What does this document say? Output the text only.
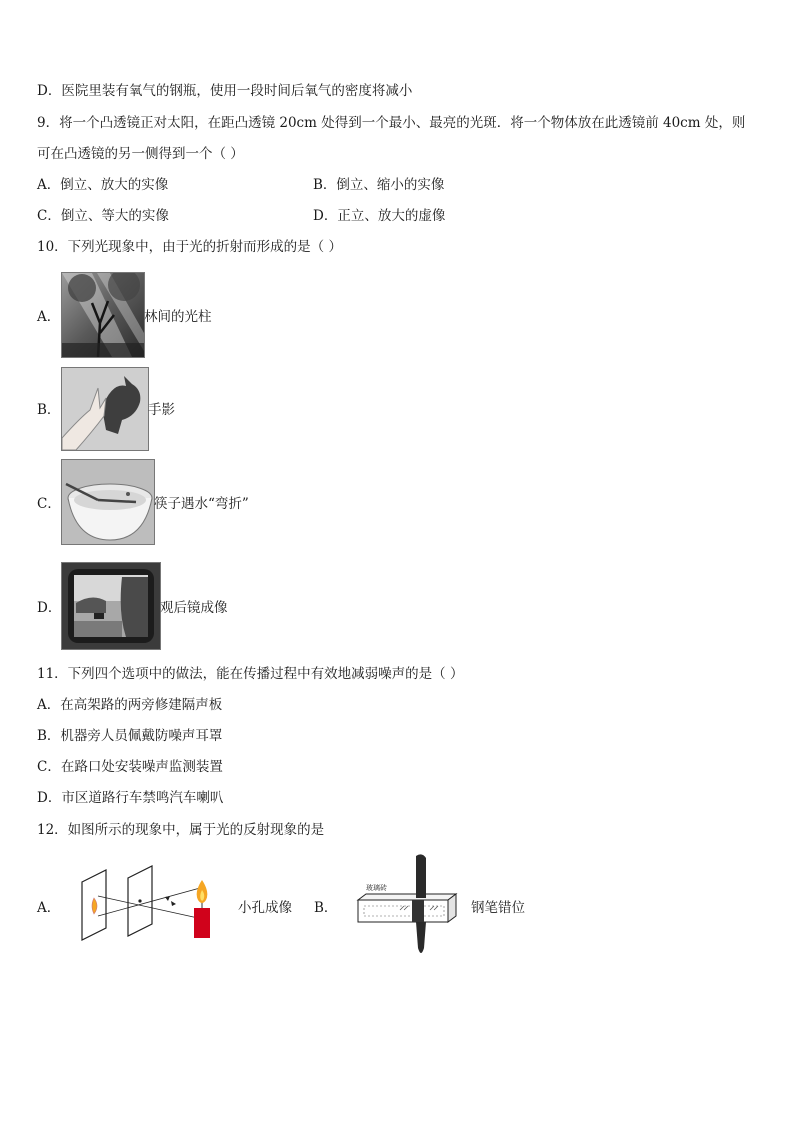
D．医院里装有氧气的钢瓶，使用一段时间后氧气的密度将减小
9．将一个凸透镜正对太阳，在距凸透镜 20cm 处得到一个最小、最亮的光斑．将一个物体放在此透镜前 40cm 处，则
可在凸透镜的另一侧得到一个（ ）
A．倒立、放大的实像	B．倒立、缩小的实像
C．倒立、等大的实像	D．正立、放大的虚像
10．下列光现象中，由于光的折射而形成的是（ ）
A．	林间的光柱
B．	手影
C．	筷子遇水“弯折”
D．	观后镜成像
11．下列四个选项中的做法，能在传播过程中有效地减弱噪声的是（ ）
A．在高架路的两旁修建隔声板
B．机器旁人员佩戴防噪声耳罩
C．在路口处安装噪声监测装置
D．市区道路行车禁鸣汽车喇叭
12．如图所示的现象中，属于光的反射现象的是
A．	小孔成像 B．
玻璃砖
钢笔错位
